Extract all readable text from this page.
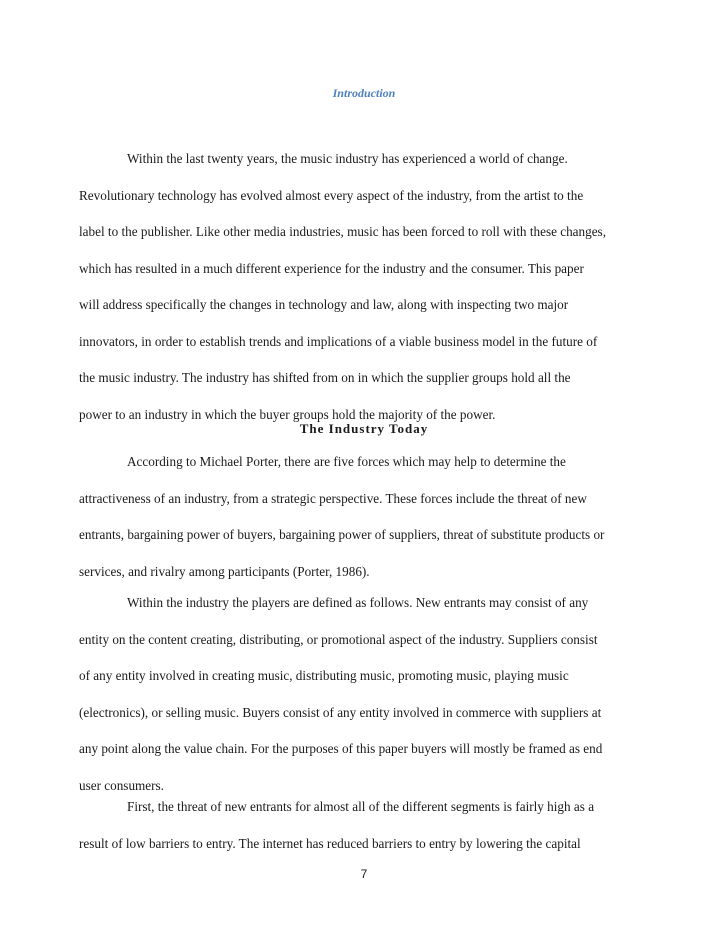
Introduction
Within the last twenty years, the music industry has experienced a world of change.
Revolutionary technology has evolved almost every aspect of the industry, from the artist to the
label to the publisher. Like other media industries, music has been forced to roll with these changes,
which has resulted in a much different experience for the industry and the consumer. This paper
will address specifically the changes in technology and law, along with inspecting two major
innovators, in order to establish trends and implications of a viable business model in the future of
the music industry. The industry has shifted from on in which the supplier groups hold all the
power to an industry in which the buyer groups hold the majority of the power.
The Industry Today
According to Michael Porter, there are five forces which may help to determine the
attractiveness of an industry, from a strategic perspective. These forces include the threat of new
entrants, bargaining power of buyers, bargaining power of suppliers, threat of substitute products or
services, and rivalry among participants (Porter, 1986).
Within the industry the players are defined as follows. New entrants may consist of any
entity on the content creating, distributing, or promotional aspect of the industry. Suppliers consist
of any entity involved in creating music, distributing music, promoting music, playing music
(electronics), or selling music. Buyers consist of any entity involved in commerce with suppliers at
any point along the value chain. For the purposes of this paper buyers will mostly be framed as end
user consumers.
First, the threat of new entrants for almost all of the different segments is fairly high as a
result of low barriers to entry. The internet has reduced barriers to entry by lowering the capital
7
